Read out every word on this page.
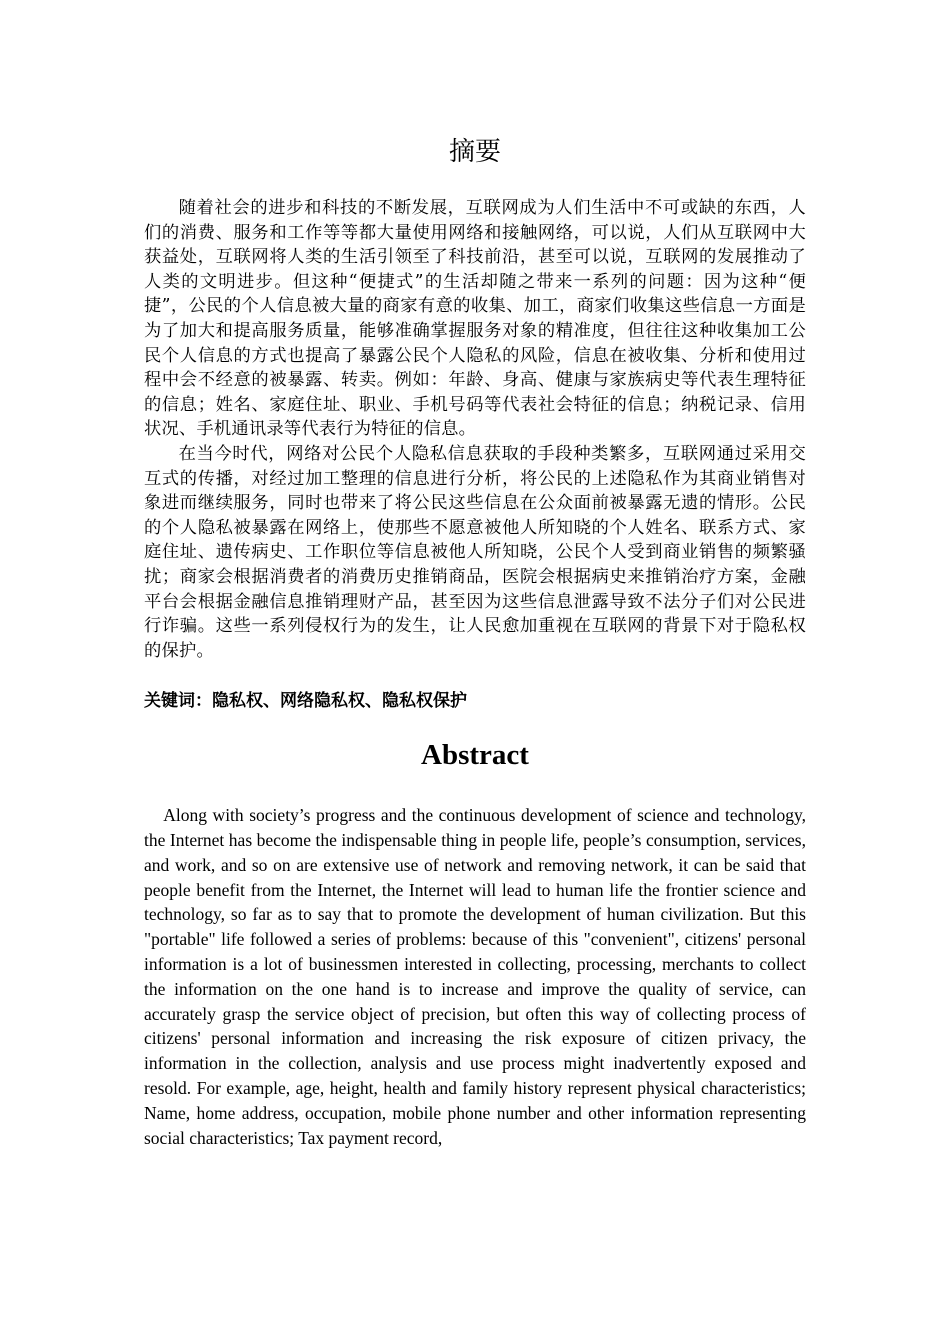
摘要

随着社会的进步和科技的不断发展，互联网成为人们生活中不可或缺的东西，人们的消费、服务和工作等等都大量使用网络和接触网络，可以说，人们从互联网中大获益处，互联网将人类的生活引领至了科技前沿，甚至可以说，互联网的发展推动了人类的文明进步。但这种“便捷式”的生活却随之带来一系列的问题：因为这种“便捷”，公民的个人信息被大量的商家有意的收集、加工，商家们收集这些信息一方面是为了加大和提高服务质量，能够准确掌握服务对象的精准度，但往往这种收集加工公民个人信息的方式也提高了暴露公民个人隐私的风险，信息在被收集、分析和使用过程中会不经意的被暴露、转卖。例如：年龄、身高、健康与家族病史等代表生理特征的信息；姓名、家庭住址、职业、手机号码等代表社会特征的信息；纳税记录、信用状况、手机通讯录等代表行为特征的信息。

在当今时代，网络对公民个人隐私信息获取的手段种类繁多，互联网通过采用交互式的传播，对经过加工整理的信息进行分析，将公民的上述隐私作为其商业销售对象进而继续服务，同时也带来了将公民这些信息在公众面前被暴露无遗的情形。公民的个人隐私被暴露在网络上，使那些不愿意被他人所知晓的个人姓名、联系方式、家庭住址、遗传病史、工作职位等信息被他人所知晓，公民个人受到商业销售的频繁骚扰；商家会根据消费者的消费历史推销商品，医院会根据病史来推销治疗方案，金融平台会根据金融信息推销理财产品，甚至因为这些信息泄露导致不法分子们对公民进行诈骗。这些一系列侵权行为的发生，让人民愈加重视在互联网的背景下对于隐私权的保护。

关键词：隐私权、网络隐私权、隐私权保护

Abstract

Along with society’s progress and the continuous development of science and technology, the Internet has become the indispensable thing in people life, people’s consumption, services, and work, and so on are extensive use of network and removing network, it can be said that people benefit from the Internet, the Internet will lead to human life the frontier science and technology, so far as to say that to promote the development of human civilization. But this "portable" life followed a series of problems: because of this "convenient", citizens' personal information is a lot of businessmen interested in collecting, processing, merchants to collect the information on the one hand is to increase and improve the quality of service, can accurately grasp the service object of precision, but often this way of collecting process of citizens' personal information and increasing the risk exposure of citizen privacy, the information in the collection, analysis and use process might inadvertently exposed and resold. For example, age, height, health and family history represent physical characteristics; Name, home address, occupation, mobile phone number and other information representing social characteristics; Tax payment record,
